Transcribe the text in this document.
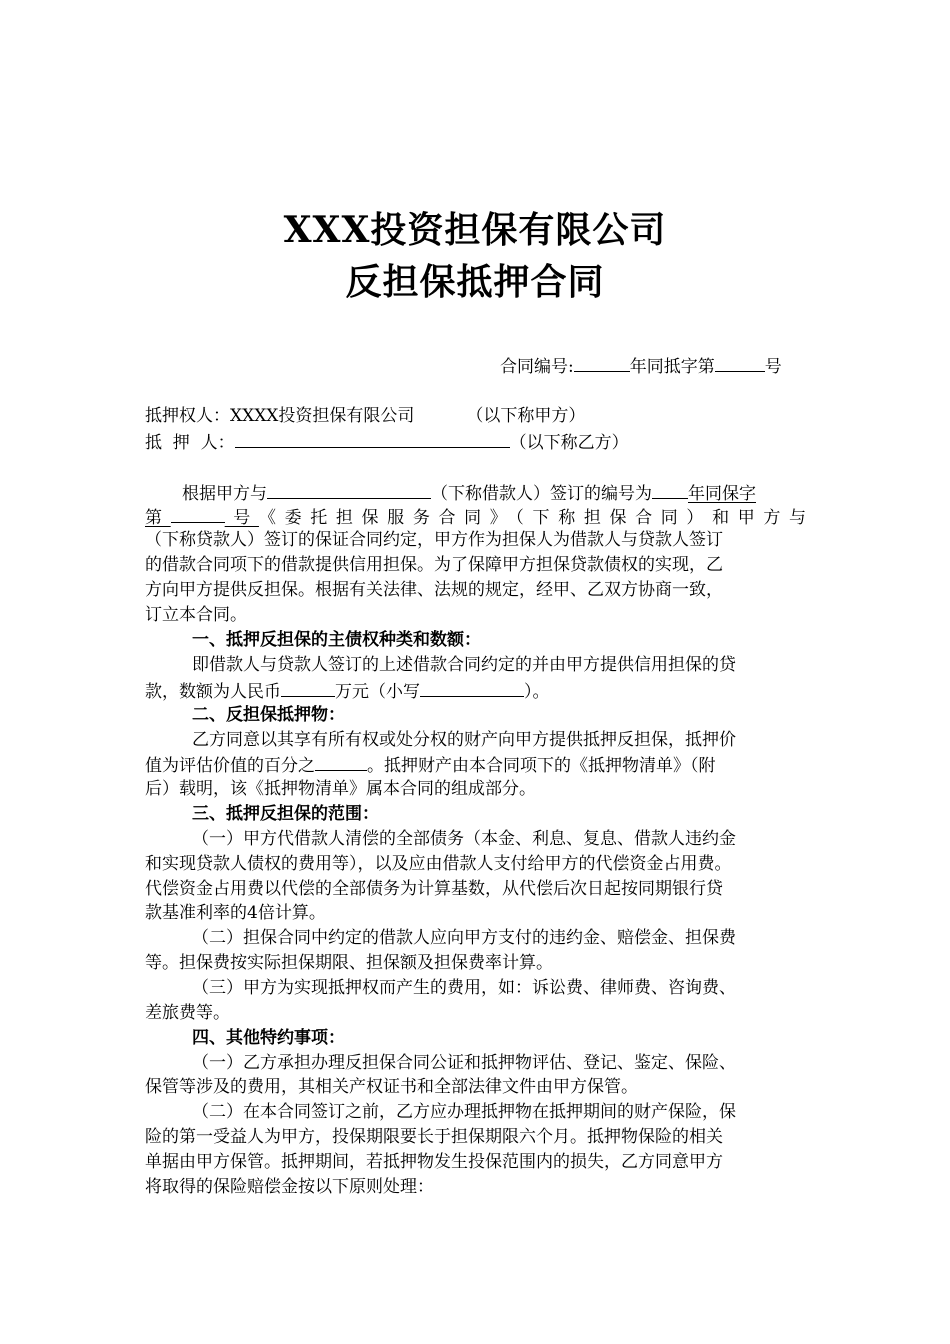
XXX投资担保有限公司
反担保抵押合同
合同编号:	年同抵字第	号
抵押权人：XXXX投资担保有限公司	（以下称甲方）
抵  押  人：	（以下称乙方）
根据甲方与	（下称借款人）签订的编号为 年同保字
第	号《委托担保服务合同》（下称担保合同）和甲方与
（下称贷款人）签订的保证合同约定，甲方作为担保人为借款人与贷款人签订
的借款合同项下的借款提供信用担保。为了保障甲方担保贷款债权的实现，乙
方向甲方提供反担保。根据有关法律、法规的规定，经甲、乙双方协商一致，
订立本合同。
一、抵押反担保的主债权种类和数额：
即借款人与贷款人签订的上述借款合同约定的并由甲方提供信用担保的贷
款，数额为人民币	万元（小写	）。
二、反担保抵押物：
乙方同意以其享有所有权或处分权的财产向甲方提供抵押反担保，抵押价
值为评估价值的百分之	。抵押财产由本合同项下的《抵押物清单》（附
后）载明，该《抵押物清单》属本合同的组成部分。
三、抵押反担保的范围：
（一）甲方代借款人清偿的全部债务（本金、利息、复息、借款人违约金
和实现贷款人债权的费用等），以及应由借款人支付给甲方的代偿资金占用费。
代偿资金占用费以代偿的全部债务为计算基数，从代偿后次日起按同期银行贷
款基准利率的4倍计算。
（二）担保合同中约定的借款人应向甲方支付的违约金、赔偿金、担保费
等。担保费按实际担保期限、担保额及担保费率计算。
（三）甲方为实现抵押权而产生的费用，如：诉讼费、律师费、咨询费、
差旅费等。
四、其他特约事项：
（一）乙方承担办理反担保合同公证和抵押物评估、登记、鉴定、保险、
保管等涉及的费用，其相关产权证书和全部法律文件由甲方保管。
（二）在本合同签订之前，乙方应办理抵押物在抵押期间的财产保险，保
险的第一受益人为甲方，投保期限要长于担保期限六个月。抵押物保险的相关
单据由甲方保管。抵押期间，若抵押物发生投保范围内的损失，乙方同意甲方
将取得的保险赔偿金按以下原则处理：
